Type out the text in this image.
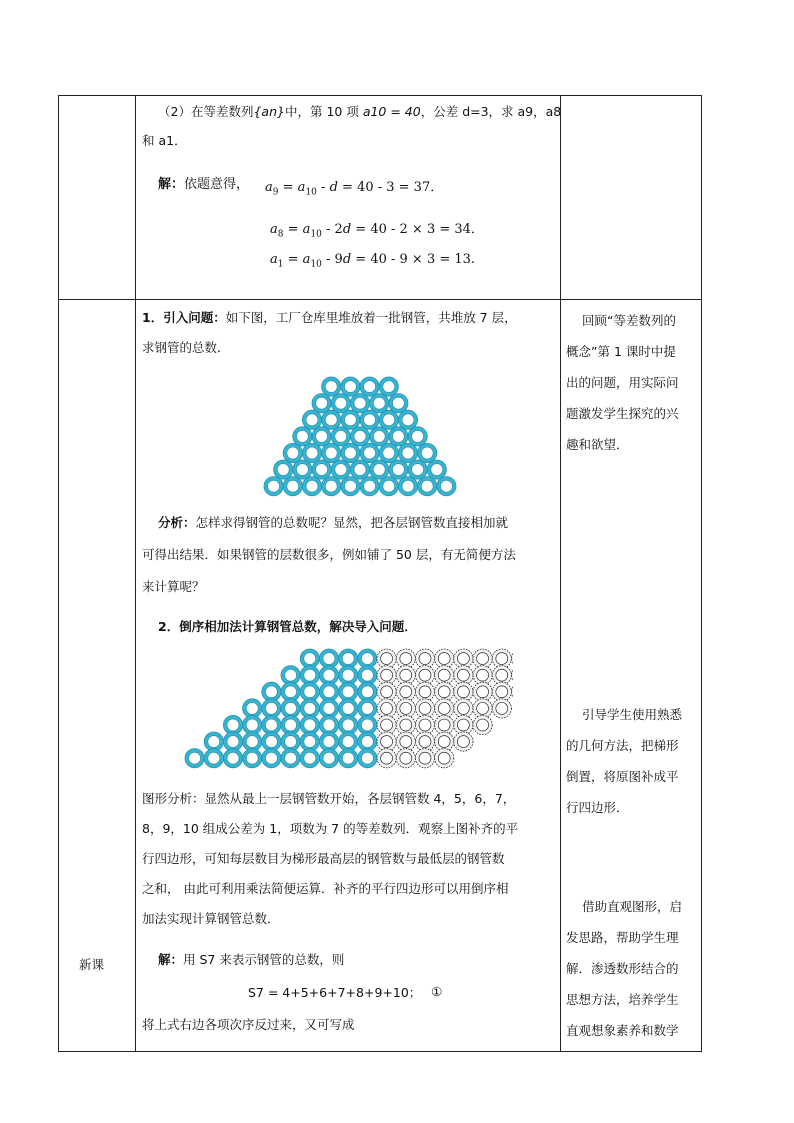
（2）在等差数列{an}中，第 10 项 a10 = 40，公差 d=3，求 a9，a8
和 a1．
解：依题意得， $a_9 = a_{10} - d = 40 - 3 = 37$．
$a_8 = a_{10} - 2d = 40 - 2 \times 3 = 34$．
$a_1 = a_{10} - 9d = 40 - 9 \times 3 = 13$.
新课
1．引入问题：如下图，工厂仓库里堆放着一批钢管，共堆放 7 层，
求钢管的总数．
分析：怎样求得钢管的总数呢？显然，把各层钢管数直接相加就
可得出结果．如果钢管的层数很多，例如铺了 50 层，有无简便方法
来计算呢？
2．倒序相加法计算钢管总数，解决导入问题．
图形分析：显然从最上一层钢管数开始，各层钢管数 4，5，6，7，
8，9，10 组成公差为 1，项数为 7 的等差数列．观察上图补齐的平
行四边形，可知每层数目为梯形最高层的钢管数与最低层的钢管数
之和， 由此可利用乘法简便运算．补齐的平行四边形可以用倒序相
加法实现计算钢管总数．
解：用 S7 来表示钢管的总数，则
S7 = 4+5+6+7+8+9+10； ①
将上式右边各项次序反过来，又可写成
回顾“等差数列的
概念”第 1 课时中提
出的问题，用实际问
题激发学生探究的兴
趣和欲望．
引导学生使用熟悉
的几何方法，把梯形
倒置，将原图补成平
行四边形．
借助直观图形，启
发思路，帮助学生理
解．渗透数形结合的
思想方法，培养学生
直观想象素养和数学
